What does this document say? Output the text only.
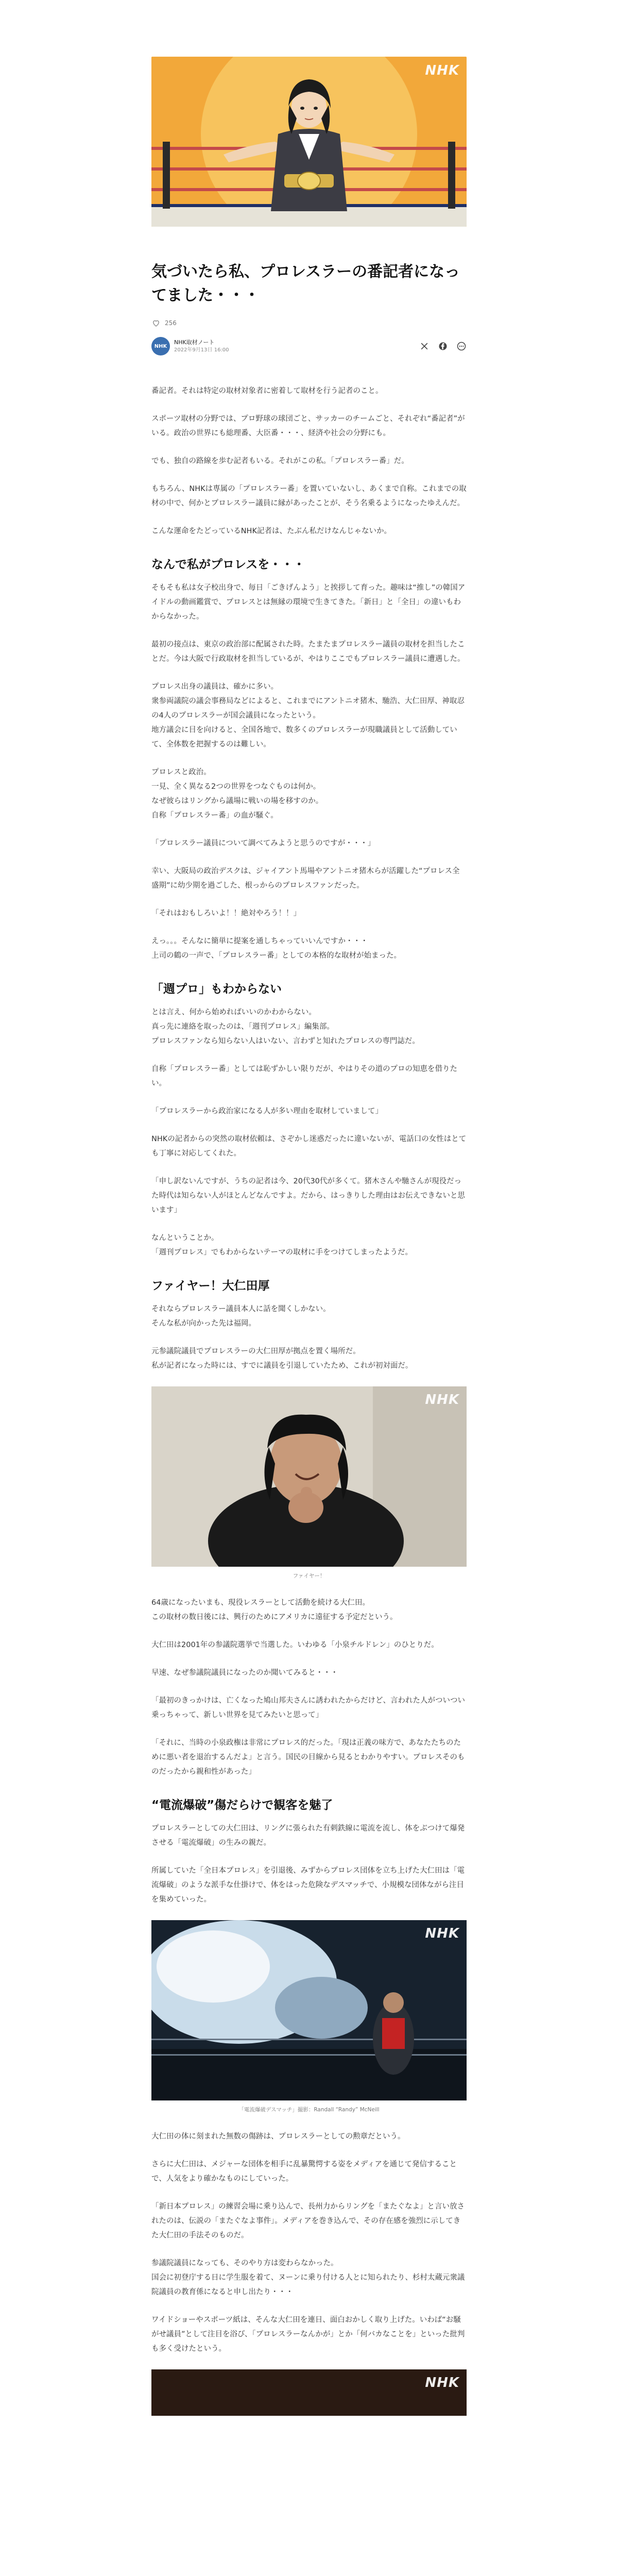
NHK
気づいたら私、プロレスラーの番記者になってました・・・
256
NHK
NHK取材ノート
2022年9月13日 16:00

番記者。それは特定の取材対象者に密着して取材を行う記者のこと。

スポーツ取材の分野では、プロ野球の球団ごと、サッカーのチームごと、それぞれ“番記者”がいる。政治の世界にも総理番、大臣番・・・、経済や社会の分野にも。

でも、独自の路線を歩む記者もいる。それがこの私。「プロレスラー番」だ。

もちろん、NHKは専属の「プロレスラー番」を置いていないし、あくまで自称。これまでの取材の中で、何かとプロレスラー議員に縁があったことが、そう名乗るようになったゆえんだ。

こんな運命をたどっているNHK記者は、たぶん私だけなんじゃないか。

なんで私がプロレスを・・・

そもそも私は女子校出身で、毎日「ごきげんよう」と挨拶して育った。趣味は“推し”の韓国アイドルの動画鑑賞で、プロレスとは無縁の環境で生きてきた。「新日」と「全日」の違いもわからなかった。

最初の接点は、東京の政治部に配属された時。たまたまプロレスラー議員の取材を担当したことだ。今は大阪で行政取材を担当しているが、やはりここでもプロレスラー議員に遭遇した。

プロレス出身の議員は、確かに多い。
衆参両議院の議会事務局などによると、これまでにアントニオ猪木、馳浩、大仁田厚、神取忍の4人のプロレスラーが国会議員になったという。
地方議会に目を向けると、全国各地で、数多くのプロレスラーが現職議員として活動していて、全体数を把握するのは難しい。

プロレスと政治。
一見、全く異なる2つの世界をつなぐものは何か。
なぜ彼らはリングから議場に戦いの場を移すのか。
自称「プロレスラー番」の血が騒ぐ。

「プロレスラー議員について調べてみようと思うのですが・・・」

幸い、大阪局の政治デスクは、ジャイアント馬場やアントニオ猪木らが活躍した“プロレス全盛期”に幼少期を過ごした、根っからのプロレスファンだった。

「それはおもしろいよ！！絶対やろう！！」

えっ。。。そんなに簡単に提案を通しちゃっていいんですか・・・
上司の鶴の一声で、「プロレスラー番」としての本格的な取材が始まった。

「週プロ」もわからない

とは言え、何から始めればいいのかわからない。
真っ先に連絡を取ったのは、「週刊プロレス」編集部。
プロレスファンなら知らない人はいない、言わずと知れたプロレスの専門誌だ。

自称「プロレスラー番」としては恥ずかしい限りだが、やはりその道のプロの知恵を借りたい。

「プロレスラーから政治家になる人が多い理由を取材していまして」

NHKの記者からの突然の取材依頼は、さぞかし迷惑だったに違いないが、電話口の女性はとても丁寧に対応してくれた。

「申し訳ないんですが、うちの記者は今、20代30代が多くて。猪木さんや馳さんが現役だった時代は知らない人がほとんどなんですよ。だから、はっきりした理由はお伝えできないと思います」

なんということか。
「週刊プロレス」でもわからないテーマの取材に手をつけてしまったようだ。

ファイヤー！大仁田厚

それならプロレスラー議員本人に話を聞くしかない。
そんな私が向かった先は福岡。

元参議院議員でプロレスラーの大仁田厚が拠点を置く場所だ。
私が記者になった時には、すでに議員を引退していたため、これが初対面だ。

NHK
ファイヤー！

64歳になったいまも、現役レスラーとして活動を続ける大仁田。
この取材の数日後には、興行のためにアメリカに遠征する予定だという。

大仁田は2001年の参議院選挙で当選した。いわゆる「小泉チルドレン」のひとりだ。

早速、なぜ参議院議員になったのか聞いてみると・・・

「最初のきっかけは、亡くなった鳩山邦夫さんに誘われたからだけど、言われた人がついつい乗っちゃって、新しい世界を見てみたいと思って」

「それに、当時の小泉政権は非常にプロレス的だった。「現は正義の味方で、あなたたちのために悪い者を退治するんだよ」と言う。国民の目線から見るとわかりやすい。プロレスそのものだったから親和性があった」

“電流爆破”傷だらけで観客を魅了

プロレスラーとしての大仁田は、リングに張られた有刺鉄線に電流を流し、体をぶつけて爆発させる「電流爆破」の生みの親だ。

所属していた「全日本プロレス」を引退後、みずからプロレス団体を立ち上げた大仁田は「電流爆破」のような派手な仕掛けで、体をはった危険なデスマッチで、小規模な団体ながら注目を集めていった。

NHK
「電流爆破デスマッチ」撮影：Randall “Randy” McNeill

大仁田の体に刻まれた無数の傷跡は、プロレスラーとしての勲章だという。

さらに大仁田は、メジャーな団体を相手に乱暴驚愕する姿をメディアを通じて発信することで、人気をより確かなものにしていった。

「新日本プロレス」の練習会場に乗り込んで、長州力からリングを「またぐなよ」と言い放されたのは、伝説の「またぐなよ事件」。メディアを巻き込んで、その存在感を強烈に示してきた大仁田の手法そのものだ。

参議院議員になっても、そのやり方は変わらなかった。
国会に初登庁する日に学生服を着て、ヌーンに乗り付ける人とに知られたり、杉村太蔵元衆議院議員の教育係になると申し出たり・・・

ワイドショーやスポーツ紙は、そんな大仁田を連日、面白おかしく取り上げた。いわば“お騒がせ議員”として注目を浴び、「プロレスラーなんかが」とか「何バカなことを」といった批判も多く受けたという。

NHK
